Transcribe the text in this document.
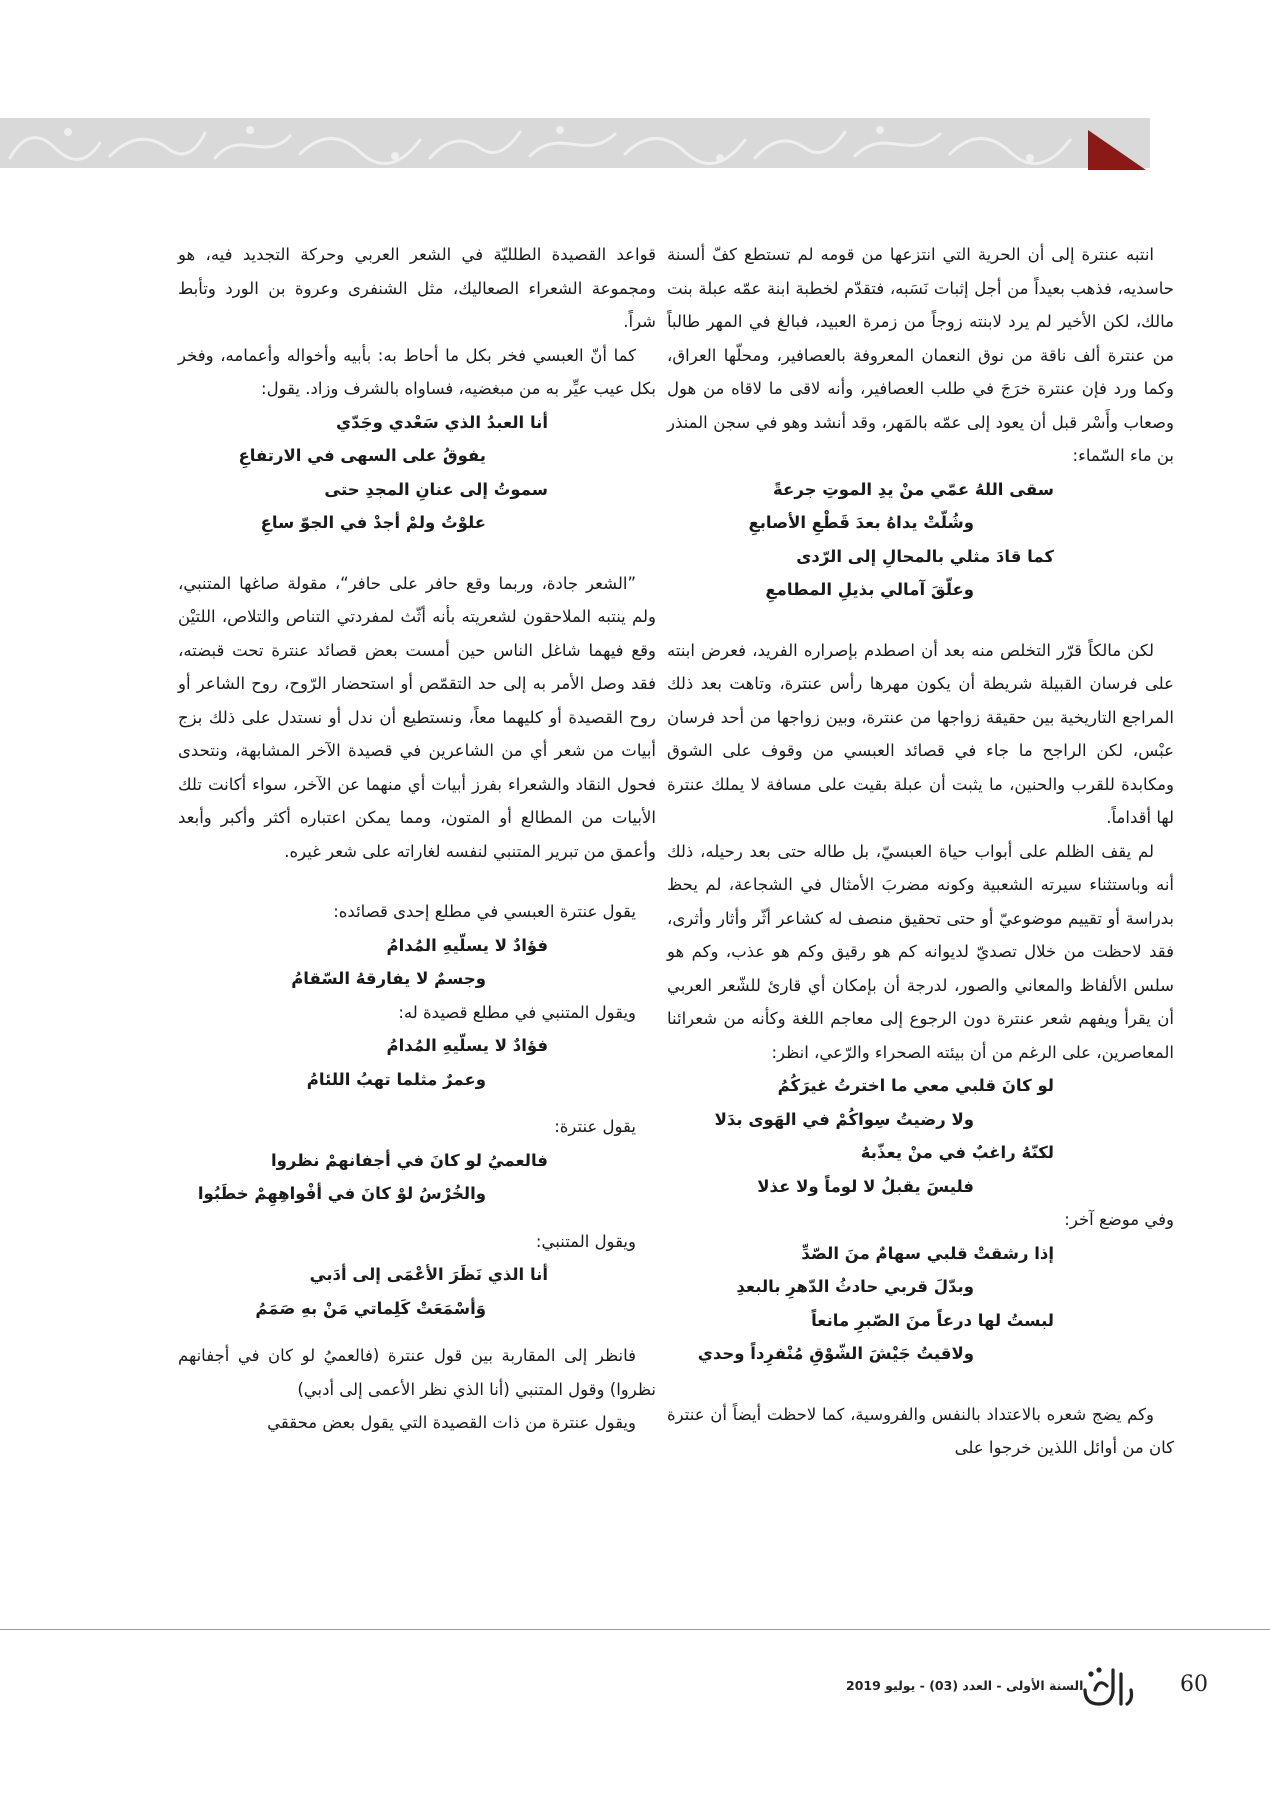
انتبه عنترة إلى أن الحرية التي انتزعها من قومه لم تستطع كفّ ألسنة حاسديه، فذهب بعيداً من أجل إثبات نَسَبه، فتقدّم لخطبة ابنة عمّه عبلة بنت مالك، لكن الأخير لم يرد لابنته زوجاً من زمرة العبيد، فبالغ في المهر طالباً من عنترة ألف ناقة من نوق النعمان المعروفة بالعصافير، ومحلّها العراق، وكما ورد فإن عنترة خرَجَ في طلب العصافير، وأنه لاقى ما لاقاه من هول وصعاب وأَسْر قبل أن يعود إلى عمّه بالمَهر، وقد أنشد وهو في سجن المنذر بن ماء السّماء:

سقى اللهُ عمّي منْ يدِ الموتِ جرعةً
وشُلّتْ يداهُ بعدَ قَطْعِ الأصابعِ
كما قادَ مثلي بالمحالِ إلى الرّدى
وعلّقَ آمالي بذيلِ المطامعِ

لكن مالكاً قرّر التخلص منه بعد أن اصطدم بإصراره الفريد، فعرض ابنته على فرسان القبيلة شريطة أن يكون مهرها رأس عنترة، وتاهت بعد ذلك المراجع التاريخية بين حقيقة زواجها من عنترة، وبين زواجها من أحد فرسان عبْس، لكن الراجح ما جاء في قصائد العبسي من وقوف على الشوق ومكابدة للقرب والحنين، ما يثبت أن عبلة بقيت على مسافة لا يملك عنترة لها أقداماً.

لم يقف الظلم على أبواب حياة العبسيّ، بل طاله حتى بعد رحيله، ذلك أنه وباستثناء سيرته الشعبية وكونه مضربَ الأمثال في الشجاعة، لم يحظ بدراسة أو تقييم موضوعيّ أو حتى تحقيق منصف له كشاعر أثّر وأثار وأثرى، فقد لاحظت من خلال تصديّ لديوانه كم هو رقيق وكم هو عذب، وكم هو سلس الألفاظ والمعاني والصور، لدرجة أن بإمكان أي قارئ للشّعر العربي أن يقرأ ويفهم شعر عنترة دون الرجوع إلى معاجم اللغة وكأنه من شعرائنا المعاصرين، على الرغم من أن بيئته الصحراء والرّعي، انظر:

لو كانَ قلبي معي ما اخترتُ غيرَكُمُ
ولا رضيتُ سِواكُمْ في الهَوى بدَلا
لكنّهُ راغبٌ في منْ يعذّبهُ
فليسَ يقبلُ لا لوماً ولا عذلا

وفي موضع آخر:

إذا رشقتْ قلبي سهامٌ منَ الصّدِّ
وبدّلَ قربي حادثُ الدّهرِ بالبعدِ
لبستُ لها درعاً منَ الصّبرِ مانعاً
ولاقيتُ جَيْشَ الشّوْقِ مُنْفرِداً وحدي

وكم يضج شعره بالاعتداد بالنفس والفروسية، كما لاحظت أيضاً أن عنترة كان من أوائل اللذين خرجوا على

قواعد القصيدة الطلليّة في الشعر العربي وحركة التجديد فيه، هو ومجموعة الشعراء الصعاليك، مثل الشنفرى وعروة بن الورد وتأبط شراً.

كما أنّ العبسي فخر بكل ما أحاط به: بأبيه وأخواله وأعمامه، وفخر بكل عيب عيِّر به من مبغضيه، فساواه بالشرف وزاد. يقول:

أنا العبدُ الذي سَعْدي وجَدّي
يفوقُ على السهى في الارتفاعِ
سموتُ إلى عنانِ المجدِ حتى
علوْتُ ولمْ أجدْ في الجوّ ساعِ

”الشعر جادة، وربما وقع حافر على حافر“، مقولة صاغها المتنبي، ولم ينتبه الملاحقون لشعريته بأنه أثّث لمفردتي التناص والتلاص، اللتيْن وقع فيهما شاغل الناس حين أمست بعض قصائد عنترة تحت قبضته، فقد وصل الأمر به إلى حد التقمّص أو استحضار الرّوح، روح الشاعر أو روح القصيدة أو كليهما معاً، ونستطيع أن ندل أو نستدل على ذلك بزج أبيات من شعر أي من الشاعرين في قصيدة الآخر المشابهة، ونتحدى فحول النقاد والشعراء بفرز أبيات أي منهما عن الآخر، سواء أكانت تلك الأبيات من المطالع أو المتون، ومما يمكن اعتباره أكثر وأكبر وأبعد وأعمق من تبرير المتنبي لنفسه لغاراته على شعر غيره.

يقول عنترة العبسي في مطلع إحدى قصائده:

فؤادٌ لا يسلّيهِ المُدامُ
وجسمٌ لا يفارقهُ السّقامُ

ويقول المتنبي في مطلع قصيدة له:

فؤادٌ لا يسلّيهِ المُدامُ
وعمرٌ مثلما تهبُ اللئامُ

يقول عنترة:

فالعميُ لو كانَ في أجفانهمْ نظروا
والخُرْسُ لوْ كانَ في أفْواهِهِمْ خطَبُوا

ويقول المتنبي:

أنا الذي نَظَرَ الأعْمَى إلى أدَبي
وَأسْمَعَتْ كَلِماتي مَنْ بهِ صَمَمُ

فانظر إلى المقاربة بين قول عنترة (فالعميُ لو كان في أجفانهم نظروا) وقول المتنبي (أنا الذي نظر الأعمى إلى أدبي)

ويقول عنترة من ذات القصيدة التي يقول بعض محققي

60
السنة الأولى - العدد (03) - يوليو 2019
